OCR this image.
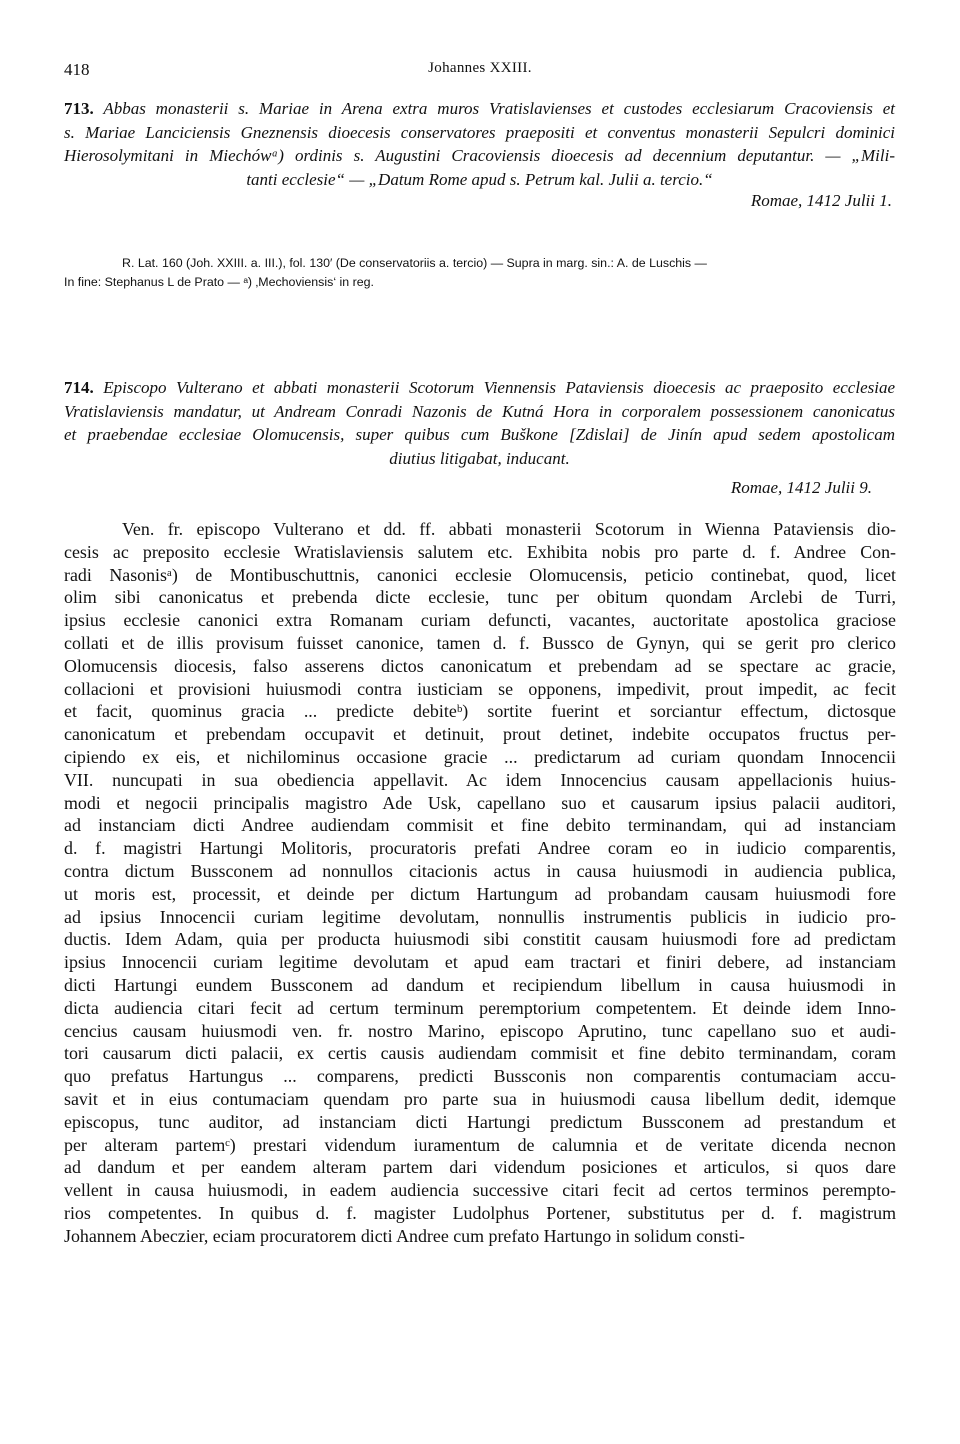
418	Johannes XXIII.
713. Abbas monasterii s. Mariae in Arena extra muros Vratislavienses et custodes ecclesiarum Cracoviensis et
s. Mariae Lanciciensis Gneznensis dioecesis conservatores praepositi et conventus monasterii Sepulcri dominici
Hierosolymitani in Miechówᵃ) ordinis s. Augustini Cracoviensis dioecesis ad decennium deputantur. — „Mili-
tanti ecclesie“ — „Datum Rome apud s. Petrum kal. Julii a. tercio.“
Romae, 1412 Julii 1.
R. Lat. 160 (Joh. XXIII. a. III.), fol. 130′ (De conservatoriis a. tercio) — Supra in marg. sin.: A. de Luschis —
In fine: Stephanus L de Prato — ᵃ) ‚Mechoviensis‘ in reg.
714. Episcopo Vulterano et abbati monasterii Scotorum Viennensis Pataviensis dioecesis ac praeposito ecclesiae
Vratislaviensis mandatur, ut Andream Conradi Nazonis de Kutná Hora in corporalem possessionem canonicatus
et praebendae ecclesiae Olomucensis, super quibus cum Buškone [Zdislai] de Jinín apud sedem apostolicam
diutius litigabat, inducant.
Romae, 1412 Julii 9.
Ven. fr. episcopo Vulterano et dd. ff. abbati monasterii Scotorum in Wienna Pataviensis dio-
cesis ac preposito ecclesie Wratislaviensis salutem etc. Exhibita nobis pro parte d. f. Andree Con-
radi Nasonisᵃ) de Montibuschuttnis, canonici ecclesie Olomucensis, peticio continebat, quod, licet
olim sibi canonicatus et prebenda dicte ecclesie, tunc per obitum quondam Arclebi de Turri,
ipsius ecclesie canonici extra Romanam curiam defuncti, vacantes, auctoritate apostolica graciose
collati et de illis provisum fuisset canonice, tamen d. f. Bussco de Gynyn, qui se gerit pro clerico
Olomucensis diocesis, falso asserens dictos canonicatum et prebendam ad se spectare ac gracie,
collacioni et provisioni huiusmodi contra iusticiam se opponens, impedivit, prout impedit, ac fecit
et facit, quominus gracia ... predicte debiteᵇ) sortite fuerint et sorciantur effectum, dictosque
canonicatum et prebendam occupavit et detinuit, prout detinet, indebite occupatos fructus per-
cipiendo ex eis, et nichilominus occasione gracie ... predictarum ad curiam quondam Innocencii
VII. nuncupati in sua obediencia appellavit. Ac idem Innocencius causam appellacionis huius-
modi et negocii principalis magistro Ade Usk, capellano suo et causarum ipsius palacii auditori,
ad instanciam dicti Andree audiendam commisit et fine debito terminandam, qui ad instanciam
d. f. magistri Hartungi Molitoris, procuratoris prefati Andree coram eo in iudicio comparentis,
contra dictum Bussconem ad nonnullos citacionis actus in causa huiusmodi in audiencia publica,
ut moris est, processit, et deinde per dictum Hartungum ad probandam causam huiusmodi fore
ad ipsius Innocencii curiam legitime devolutam, nonnullis instrumentis publicis in iudicio pro-
ductis. Idem Adam, quia per producta huiusmodi sibi constitit causam huiusmodi fore ad predictam
ipsius Innocencii curiam legitime devolutam et apud eam tractari et finiri debere, ad instanciam
dicti Hartungi eundem Bussconem ad dandum et recipiendum libellum in causa huiusmodi in
dicta audiencia citari fecit ad certum terminum peremptorium competentem. Et deinde idem Inno-
cencius causam huiusmodi ven. fr. nostro Marino, episcopo Aprutino, tunc capellano suo et audi-
tori causarum dicti palacii, ex certis causis audiendam commisit et fine debito terminandam, coram
quo prefatus Hartungus ... comparens, predicti Bussconis non comparentis contumaciam accu-
savit et in eius contumaciam quendam pro parte sua in huiusmodi causa libellum dedit, idemque
episcopus, tunc auditor, ad instanciam dicti Hartungi predictum Bussconem ad prestandum et
per alteram partemᶜ) prestari videndum iuramentum de calumnia et de veritate dicenda necnon
ad dandum et per eandem alteram partem dari videndum posiciones et articulos, si quos dare
vellent in causa huiusmodi, in eadem audiencia successive citari fecit ad certos terminos perempto-
rios competentes. In quibus d. f. magister Ludolphus Portener, substitutus per d. f. magistrum
Johannem Abeczier, eciam procuratorem dicti Andree cum prefato Hartungo in solidum consti-
